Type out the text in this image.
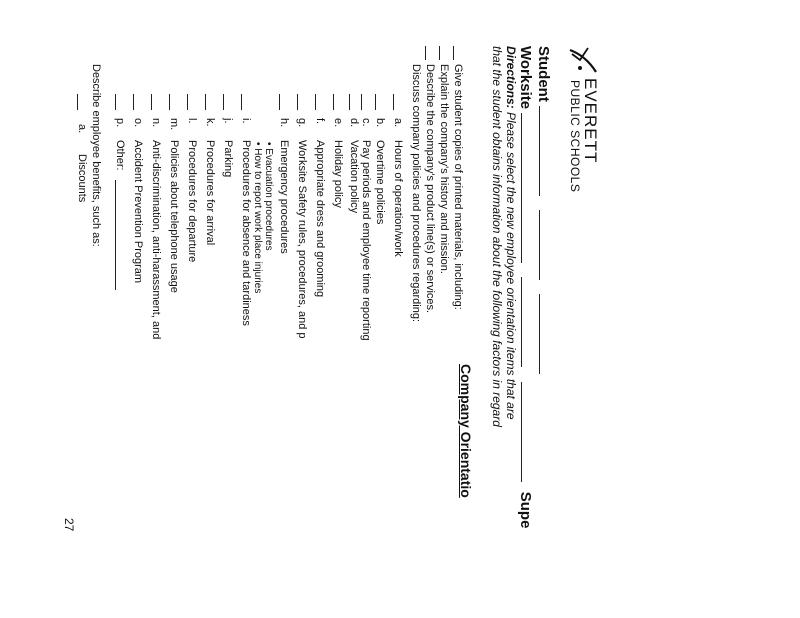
EVERETT
PUBLIC SCHOOLS
Student
Worksite    Supe
Directions: Please select the new employee orientation items that are
that the student obtains information about the following factors in regard
Company Orientatio
Give student copies of printed materials, including:
Explain the company's history and mission.
Describe the company's product line(s) or services.
Discuss company policies and procedures regarding:
a.
Hours of operation/work
b.
Overtime policies
c.
Pay periods and employee time reporting
d.
Vacation policy
e.
Holiday policy
f.
Appropriate dress and grooming
g.
Worksite Safety rules, procedures, and p
h.
Emergency procedures
• Evacuation procedures
• How to report work place injuries
i.
Procedures for absence and tardiness
j.
Parking
k.
Procedures for arrival
l.
Procedures for departure
m.
Policies about telephone usage
n.
Anti-discrimination, anti-harassment, and
o.
Accident Prevention Program
p.
Other:
Describe employee benefits, such as:
a.
Discounts
27
